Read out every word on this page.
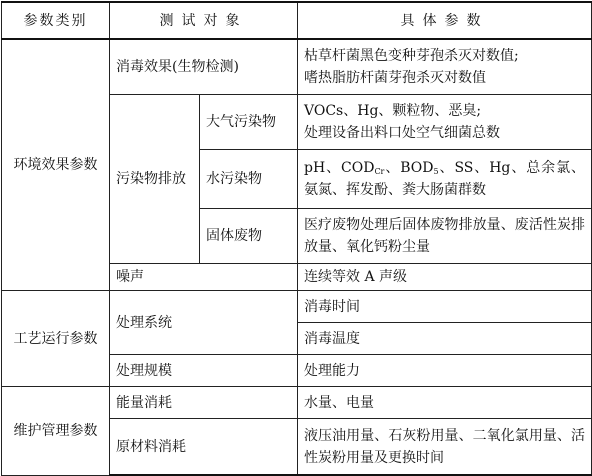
参数类别	测试对象		具体参数
环境效果参数	消毒效果(生物检测)		枯草杆菌黑色变种芽孢杀灭对数值;
嗜热脂肪杆菌芽孢杀灭对数值

	污染物排放	大气污染物	VOCs、Hg、颗粒物、恶臭;
处理设备出料口处空气细菌总数

		水污染物	pH、$COD_{Cr}$、$BOD_5$、SS、Hg、总余氯、氨氮、挥发酚、粪大肠菌群数
		固体废物	医疗废物处理后固体废物排放量、废活性炭排放量、氧化钙粉尘量
	噪声		连续等效 A 声级
工艺运行参数	处理系统		消毒时间
			消毒温度
	处理规模		处理能力
维护管理参数	能量消耗		水量、电量
	原材料消耗		液压油用量、石灰粉用量、二氧化氯用量、活性炭粉用量及更换时间
